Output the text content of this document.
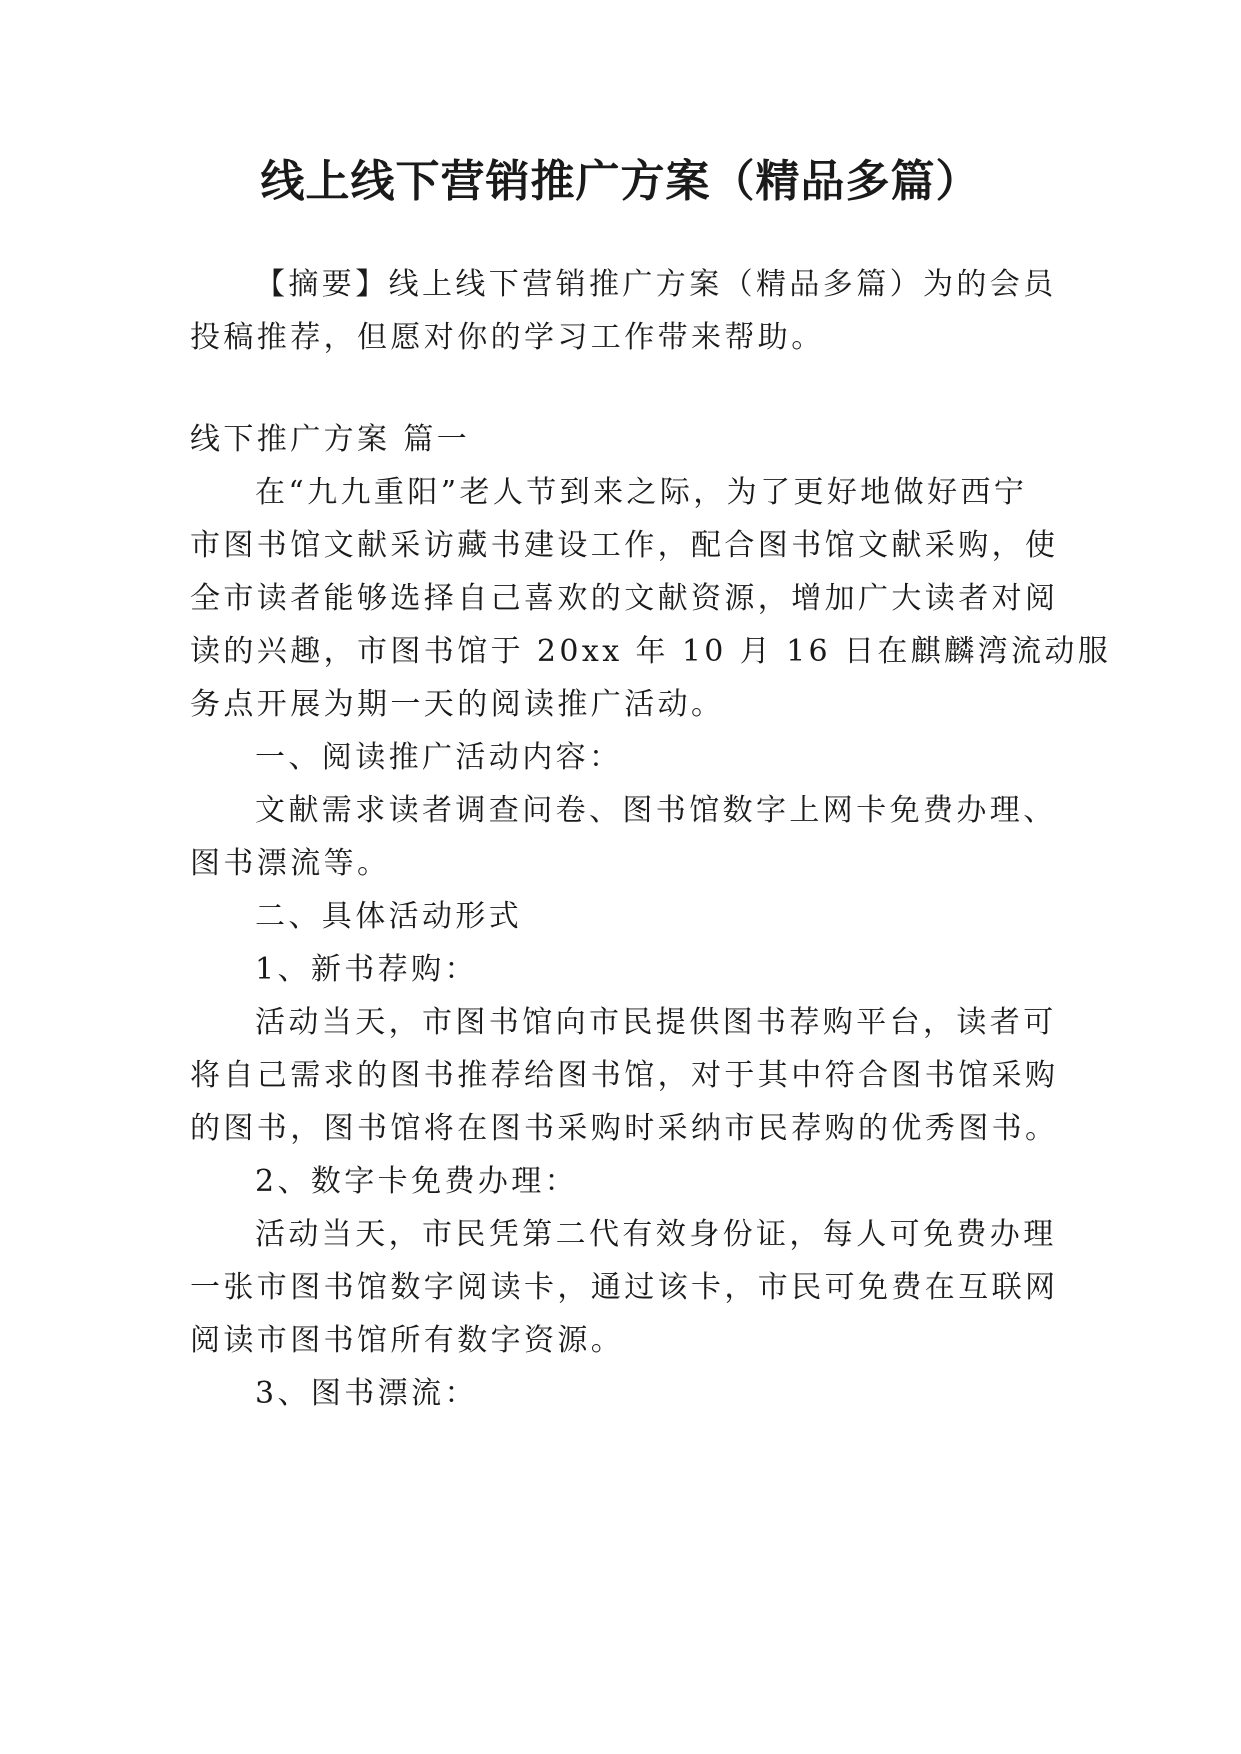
线上线下营销推广方案（精品多篇）
【摘要】线上线下营销推广方案（精品多篇）为的会员
投稿推荐，但愿对你的学习工作带来帮助。
线下推广方案 篇一
在“九九重阳”老人节到来之际，为了更好地做好西宁
市图书馆文献采访藏书建设工作，配合图书馆文献采购，使
全市读者能够选择自己喜欢的文献资源，增加广大读者对阅
读的兴趣，市图书馆于 20xx 年 10 月 16 日在麒麟湾流动服
务点开展为期一天的阅读推广活动。
一、阅读推广活动内容：
文献需求读者调查问卷、图书馆数字上网卡免费办理、
图书漂流等。
二、具体活动形式
1、新书荐购：
活动当天，市图书馆向市民提供图书荐购平台，读者可
将自己需求的图书推荐给图书馆，对于其中符合图书馆采购
的图书，图书馆将在图书采购时采纳市民荐购的优秀图书。
2、数字卡免费办理：
活动当天，市民凭第二代有效身份证，每人可免费办理
一张市图书馆数字阅读卡，通过该卡，市民可免费在互联网
阅读市图书馆所有数字资源。
3、图书漂流：
